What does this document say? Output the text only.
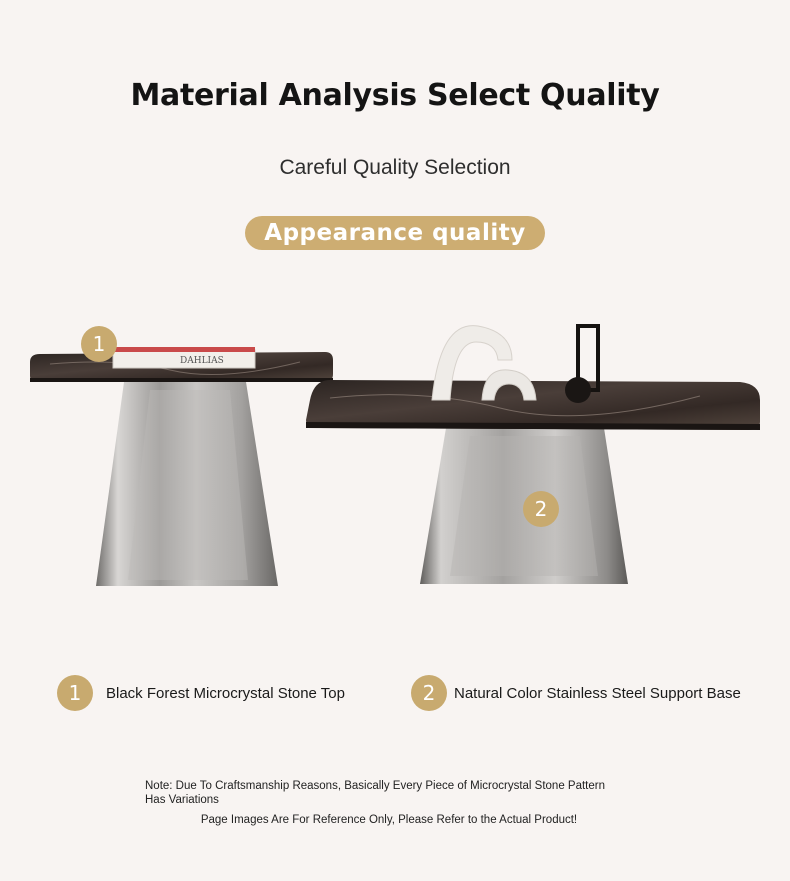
Material Analysis Select Quality
Careful Quality Selection
Appearance quality
DAHLIAS
1
2
1	Black Forest Microcrystal Stone Top	2	Natural Color Stainless Steel Support Base
Note: Due To Craftsmanship Reasons, Basically Every Piece of Microcrystal Stone Pattern Has Variations
Page Images Are For Reference Only, Please Refer to the Actual Product!
